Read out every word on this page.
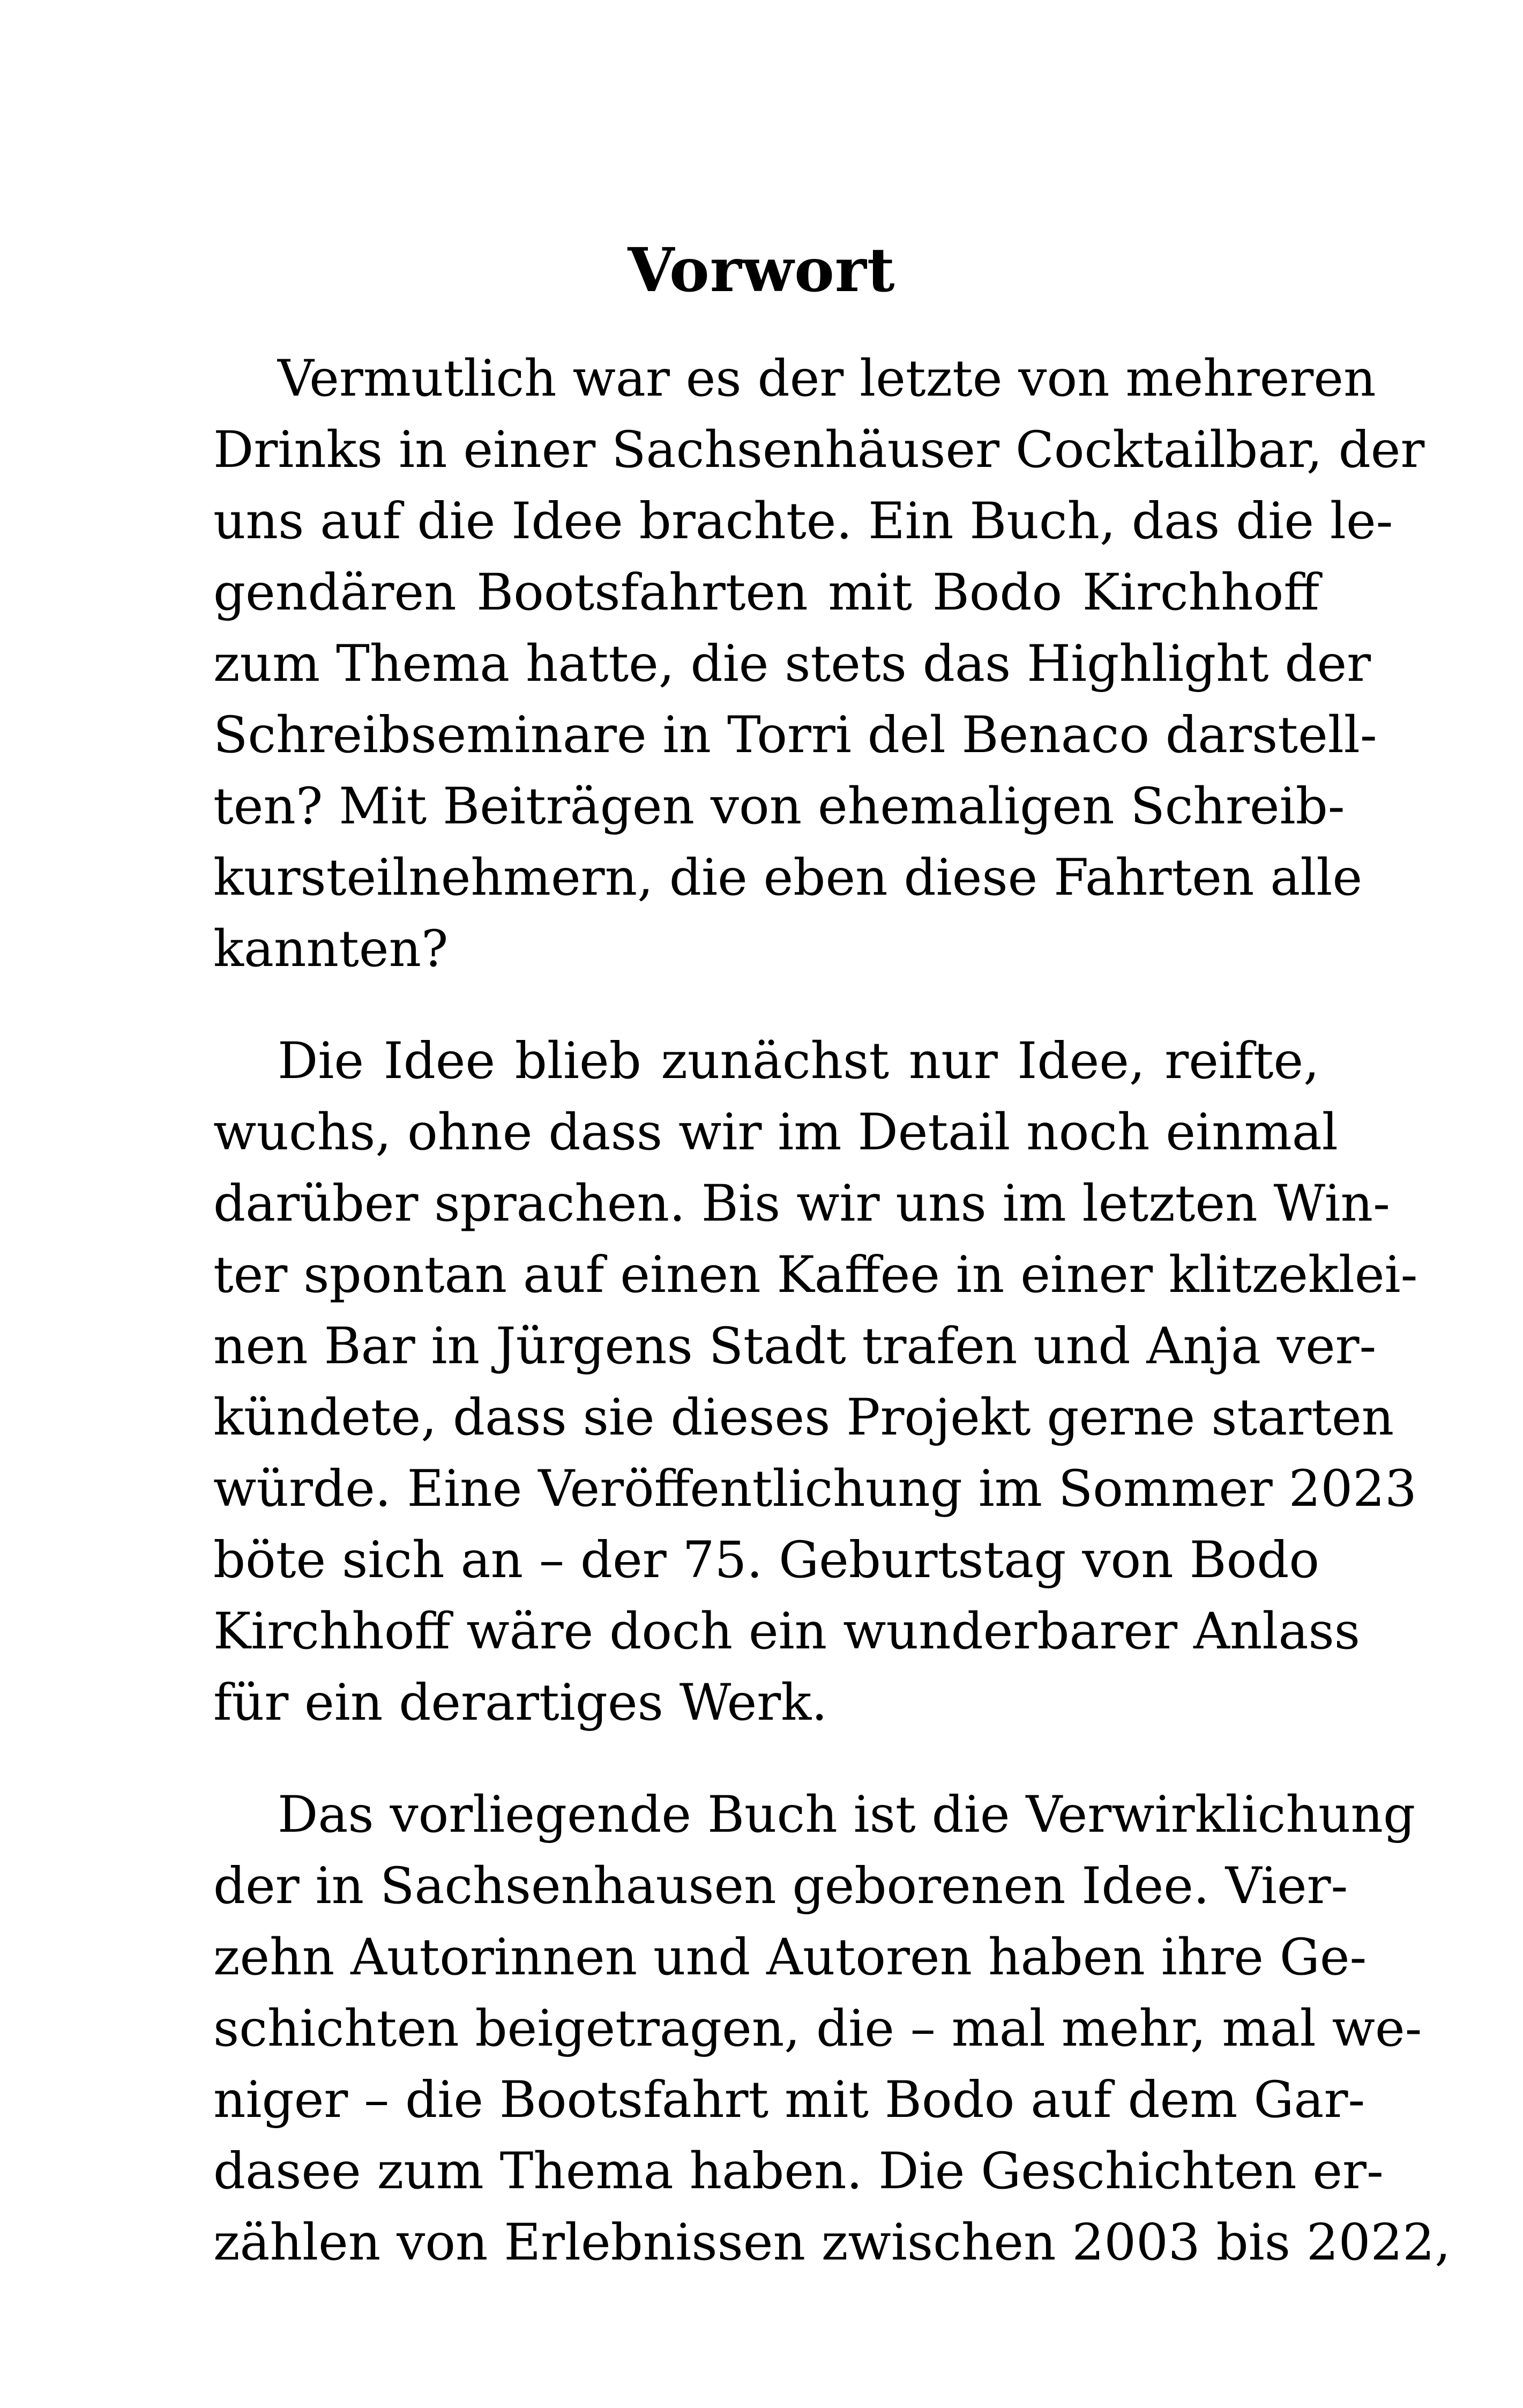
Vorwort

Vermutlich war es der letzte von mehreren
Drinks in einer Sachsenhäuser Cocktailbar, der
uns auf die Idee brachte. Ein Buch, das die le-
gendären Bootsfahrten mit Bodo Kirchhoff
zum Thema hatte, die stets das Highlight der
Schreibseminare in Torri del Benaco darstell-
ten? Mit Beiträgen von ehemaligen Schreib-
kursteilnehmern, die eben diese Fahrten alle
kannten?

Die Idee blieb zunächst nur Idee, reifte,
wuchs, ohne dass wir im Detail noch einmal
darüber sprachen. Bis wir uns im letzten Win-
ter spontan auf einen Kaffee in einer klitzeklei-
nen Bar in Jürgens Stadt trafen und Anja ver-
kündete, dass sie dieses Projekt gerne starten
würde. Eine Veröffentlichung im Sommer 2023
böte sich an – der 75. Geburtstag von Bodo
Kirchhoff wäre doch ein wunderbarer Anlass
für ein derartiges Werk.

Das vorliegende Buch ist die Verwirklichung
der in Sachsenhausen geborenen Idee. Vier-
zehn Autorinnen und Autoren haben ihre Ge-
schichten beigetragen, die – mal mehr, mal we-
niger – die Bootsfahrt mit Bodo auf dem Gar-
dasee zum Thema haben. Die Geschichten er-
zählen von Erlebnissen zwischen 2003 bis 2022,
